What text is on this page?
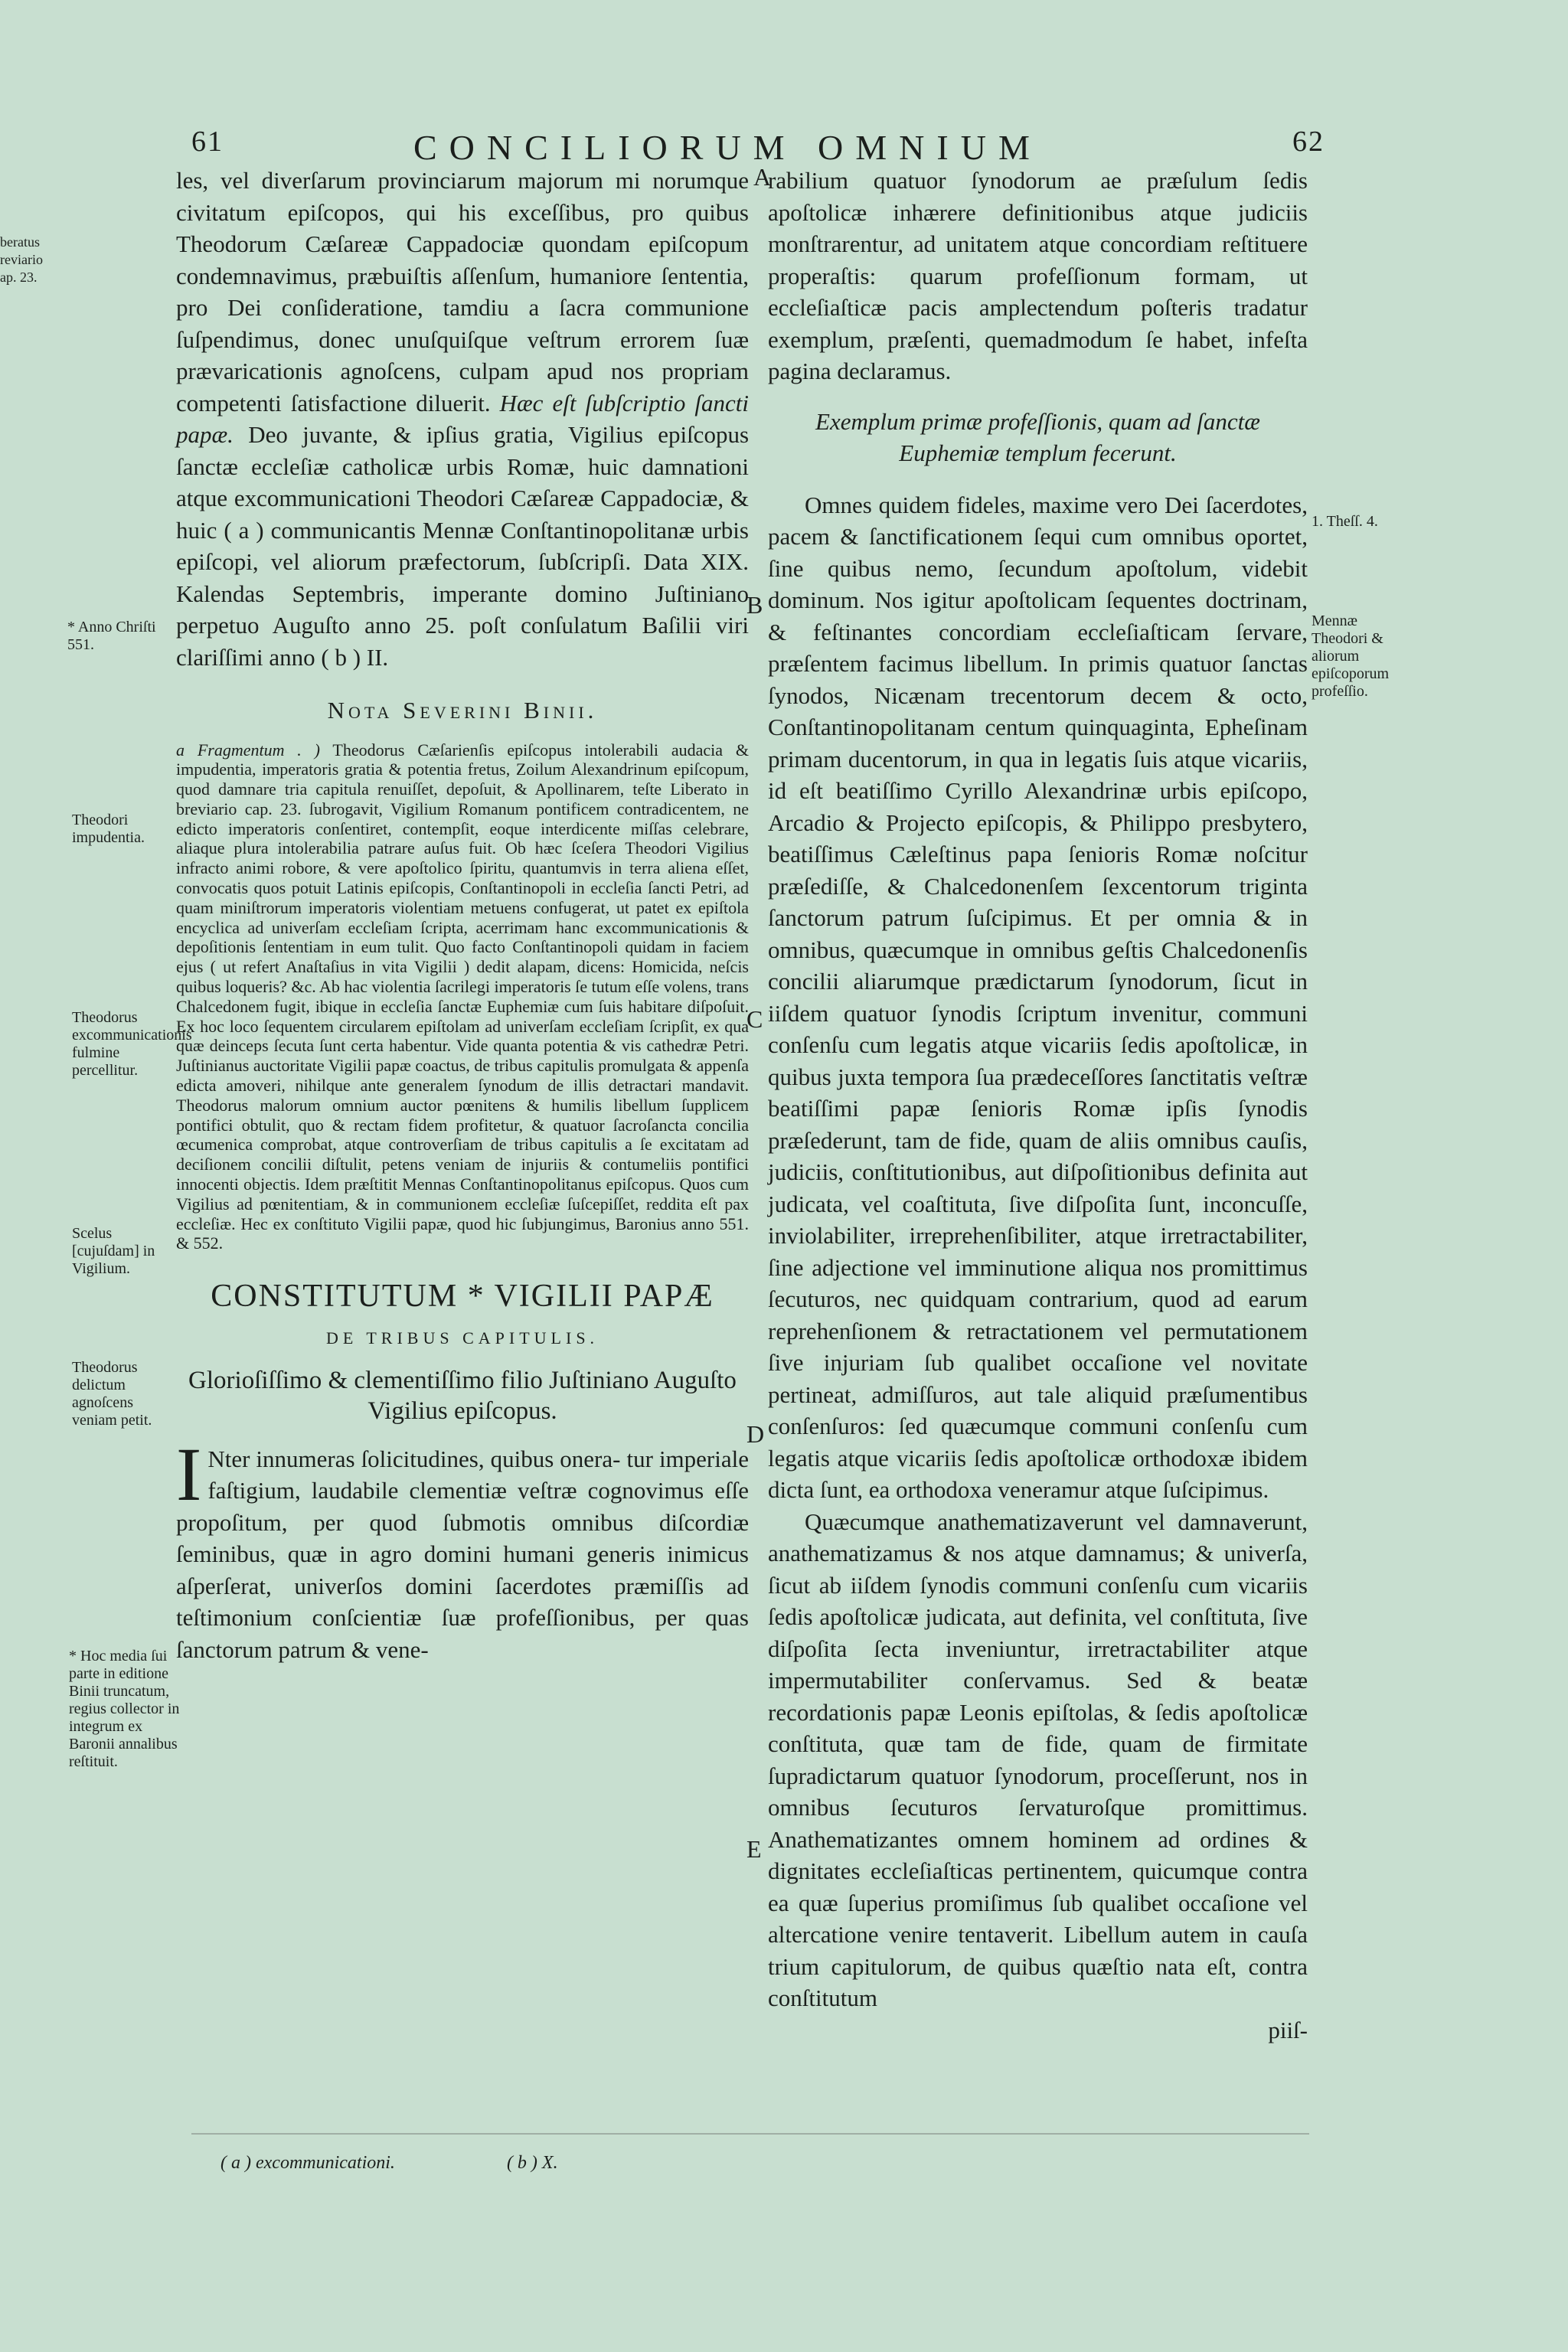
61	CONCILIORUM OMNIUM	62
beratus reviario ap. 23.
* Anno Chriſti 551.
Theodori impudentia.
Theodorus excommunicationis fulmine percellitur.
Scelus [cujuſdam] in Vigilium.
Theodorus delictum agnoſcens veniam petit.
* Hoc media ſui parte in editione Binii truncatum, regius collector in integrum ex Baronii annalibus reſtituit.
1. Theſſ. 4.
Mennæ Theodori & aliorum epiſcoporum profeſſio.
A
B
C
D
E

les, vel diverſarum provinciarum majorum mi norumque civitatum epiſcopos, qui his exceſſibus, pro quibus Theodorum Cæſareæ Cappadociæ quondam epiſcopum condemnavimus, præbuiſtis aſſenſum, humaniore ſententia, pro Dei conſideratione, tamdiu a ſacra communione ſuſpendimus, donec unuſquiſque veſtrum errorem ſuæ prævaricationis agnoſcens, culpam apud nos propriam competenti ſatisfactione diluerit. Hæc eſt ſubſcriptio ſancti papæ. Deo juvante, & ipſius gratia, Vigilius epiſcopus ſanctæ eccleſiæ catholicæ urbis Romæ, huic damnationi atque excommunicationi Theodori Cæſareæ Cappadociæ, & huic ( a ) communicantis Mennæ Conſtantinopolitanæ urbis epiſcopi, vel aliorum præfectorum, ſubſcripſi. Data XIX. Kalendas Septembris, imperante domino Juſtiniano perpetuo Auguſto anno 25. poſt conſulatum Baſilii viri clariſſimi anno ( b ) II.

Nota Severini Binii.

a Fragmentum . ) Theodorus Cæſarienſis epiſcopus intolerabili audacia & impudentia, imperatoris gratia & potentia fretus, Zoilum Alexandrinum epiſcopum, quod damnare tria capitula renuiſſet, depoſuit, & Apollinarem, teſte Liberato in breviario cap. 23. ſubrogavit, Vigilium Romanum pontificem contradicentem, ne edicto imperatoris conſentiret, contempſit, eoque interdicente miſſas celebrare, aliaque plura intolerabilia patrare auſus fuit. Ob hæc ſceſera Theodori Vigilius infracto animi robore, & vere apoſtolico ſpiritu, quantumvis in terra aliena eſſet, convocatis quos potuit Latinis epiſcopis, Conſtantinopoli in eccleſia ſancti Petri, ad quam miniſtrorum imperatoris violentiam metuens confugerat, ut patet ex epiſtola encyclica ad univerſam eccleſiam ſcripta, acerrimam hanc excommunicationis & depoſitionis ſententiam in eum tulit. Quo facto Conſtantinopoli quidam in faciem ejus ( ut refert Anaſtaſius in vita Vigilii ) dedit alapam, dicens: Homicida, neſcis quibus loqueris? &c. Ab hac violentia ſacrilegi imperatoris ſe tutum eſſe volens, trans Chalcedonem fugit, ibique in eccleſia ſanctæ Euphemiæ cum ſuis habitare diſpoſuit. Ex hoc loco ſequentem circularem epiſtolam ad univerſam eccleſiam ſcripſit, ex qua quæ deinceps ſecuta ſunt certa habentur. Vide quanta potentia & vis cathedræ Petri. Juſtinianus auctoritate Vigilii papæ coactus, de tribus capitulis promulgata & appenſa edicta amoveri, nihilque ante generalem ſynodum de illis detractari mandavit. Theodorus malorum omnium auctor pœnitens & humilis libellum ſupplicem pontifici obtulit, quo & rectam fidem profitetur, & quatuor ſacroſancta concilia œcumenica comprobat, atque controverſiam de tribus capitulis a ſe excitatam ad deciſionem concilii diſtulit, petens veniam de injuriis & contumeliis pontifici innocenti objectis. Idem præſtitit Mennas Conſtantinopolitanus epiſcopus. Quos cum Vigilius ad pœnitentiam, & in communionem eccleſiæ ſuſcepiſſet, reddita eſt pax eccleſiæ. Hec ex conſtituto Vigilii papæ, quod hic ſubjungimus, Baronius anno 551. & 552.

CONSTITUTUM * VIGILII PAPÆ

DE TRIBUS CAPITULIS.

Glorioſiſſimo & clementiſſimo filio Juſtiniano Auguſto Vigilius epiſcopus.

I Nter innumeras ſolicitudines, quibus onera- tur imperiale faſtigium, laudabile clementiæ veſtræ cognovimus eſſe propoſitum, per quod ſubmotis omnibus diſcordiæ ſeminibus, quæ in agro domini humani generis inimicus aſperſerat, univerſos domini ſacerdotes præmiſſis ad teſtimonium conſcientiæ ſuæ profeſſionibus, per quas ſanctorum patrum & vene-

rabilium quatuor ſynodorum ae præſulum ſedis apoſtolicæ inhærere definitionibus atque judiciis monſtrarentur, ad unitatem atque concordiam reſtituere properaſtis: quarum profeſſionum formam, ut eccleſiaſticæ pacis amplectendum poſteris tradatur exemplum, præſenti, quemadmodum ſe habet, infeſta pagina declaramus.

Exemplum primæ profeſſionis, quam ad ſanctæ Euphemiæ templum fecerunt.

Omnes quidem fideles, maxime vero Dei ſacerdotes, pacem & ſanctificationem ſequi cum omnibus oportet, ſine quibus nemo, ſecundum apoſtolum, videbit dominum. Nos igitur apoſtolicam ſequentes doctrinam, & feſtinantes concordiam eccleſiaſticam ſervare, præſentem facimus libellum. In primis quatuor ſanctas ſynodos, Nicænam trecentorum decem & octo, Conſtantinopolitanam centum quinquaginta, Epheſinam primam ducentorum, in qua in legatis ſuis atque vicariis, id eſt beatiſſimo Cyrillo Alexandrinæ urbis epiſcopo, Arcadio & Projecto epiſcopis, & Philippo presbytero, beatiſſimus Cæleſtinus papa ſenioris Romæ noſcitur præſediſſe, & Chalcedonenſem ſexcentorum triginta ſanctorum patrum ſuſcipimus. Et per omnia & in omnibus, quæcumque in omnibus geſtis Chalcedonenſis concilii aliarumque prædictarum ſynodorum, ſicut in iiſdem quatuor ſynodis ſcriptum invenitur, communi conſenſu cum legatis atque vicariis ſedis apoſtolicæ, in quibus juxta tempora ſua prædeceſſores ſanctitatis veſtræ beatiſſimi papæ ſenioris Romæ ipſis ſynodis præſederunt, tam de fide, quam de aliis omnibus cauſis, judiciis, conſtitutionibus, aut diſpoſitionibus definita aut judicata, vel coaſtituta, ſive diſpoſita ſunt, inconcuſſe, inviolabiliter, irreprehenſibiliter, atque irretractabiliter, ſine adjectione vel imminutione aliqua nos promittimus ſecuturos, nec quidquam contrarium, quod ad earum reprehenſionem & retractationem vel permutationem ſive injuriam ſub qualibet occaſione vel novitate pertineat, admiſſuros, aut tale aliquid præſumentibus conſenſuros: ſed quæcumque communi conſenſu cum legatis atque vicariis ſedis apoſtolicæ orthodoxæ ibidem dicta ſunt, ea orthodoxa veneramur atque ſuſcipimus.

Quæcumque anathematizaverunt vel damnaverunt, anathematizamus & nos atque damnamus; & univerſa, ſicut ab iiſdem ſynodis communi conſenſu cum vicariis ſedis apoſtolicæ judicata, aut definita, vel conſtituta, ſive diſpoſita ſecta inveniuntur, irretractabiliter atque impermutabiliter conſervamus. Sed & beatæ recordationis papæ Leonis epiſtolas, & ſedis apoſtolicæ conſtituta, quæ tam de fide, quam de firmitate ſupradictarum quatuor ſynodorum, proceſſerunt, nos in omnibus ſecuturos ſervaturoſque promittimus. Anathematizantes omnem hominem ad ordines & dignitates eccleſiaſticas pertinentem, quicumque contra ea quæ ſuperius promiſimus ſub qualibet occaſione vel altercatione venire tentaverit. Libellum autem in cauſa trium capitulorum, de quibus quæſtio nata eſt, contra conſtitutum

piiſ-

( a ) excommunicationi.	( b ) X.
